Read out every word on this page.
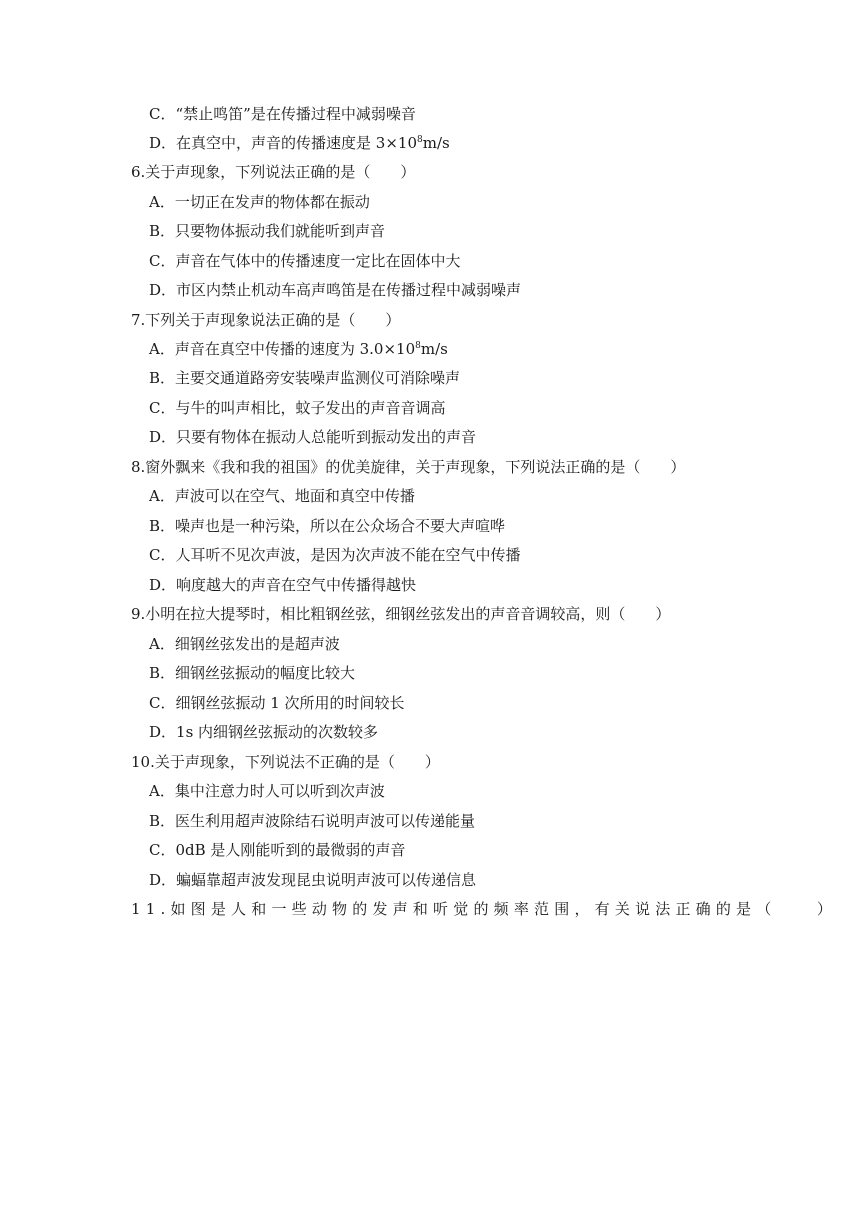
C．“禁止鸣笛”是在传播过程中减弱噪音
D．在真空中，声音的传播速度是 $3\times 10^8m/s$
6.关于声现象，下列说法正确的是（　　）
A．一切正在发声的物体都在振动
B．只要物体振动我们就能听到声音
C．声音在气体中的传播速度一定比在固体中大
D．市区内禁止机动车高声鸣笛是在传播过程中减弱噪声
7.下列关于声现象说法正确的是（　　）
A．声音在真空中传播的速度为 $3.0\times 10^8m/s$
B．主要交通道路旁安装噪声监测仪可消除噪声
C．与牛的叫声相比，蚊子发出的声音音调高
D．只要有物体在振动人总能听到振动发出的声音
8.窗外飘来《我和我的祖国》的优美旋律，关于声现象，下列说法正确的是（　　）
A．声波可以在空气、地面和真空中传播
B．噪声也是一种污染，所以在公众场合不要大声喧哗
C．人耳听不见次声波，是因为次声波不能在空气中传播
D．响度越大的声音在空气中传播得越快
9.小明在拉大提琴时，相比粗钢丝弦，细钢丝弦发出的声音音调较高，则（　　）
A．细钢丝弦发出的是超声波
B．细钢丝弦振动的幅度比较大
C．细钢丝弦振动 1 次所用的时间较长
D．1s 内细钢丝弦振动的次数较多
10.关于声现象，下列说法不正确的是（　　）
A．集中注意力时人可以听到次声波
B．医生利用超声波除结石说明声波可以传递能量
C．0dB 是人刚能听到的最微弱的声音
D．蝙蝠靠超声波发现昆虫说明声波可以传递信息
11.如图是人和一些动物的发声和听觉的频率范围，有关说法正确的是（　　）
